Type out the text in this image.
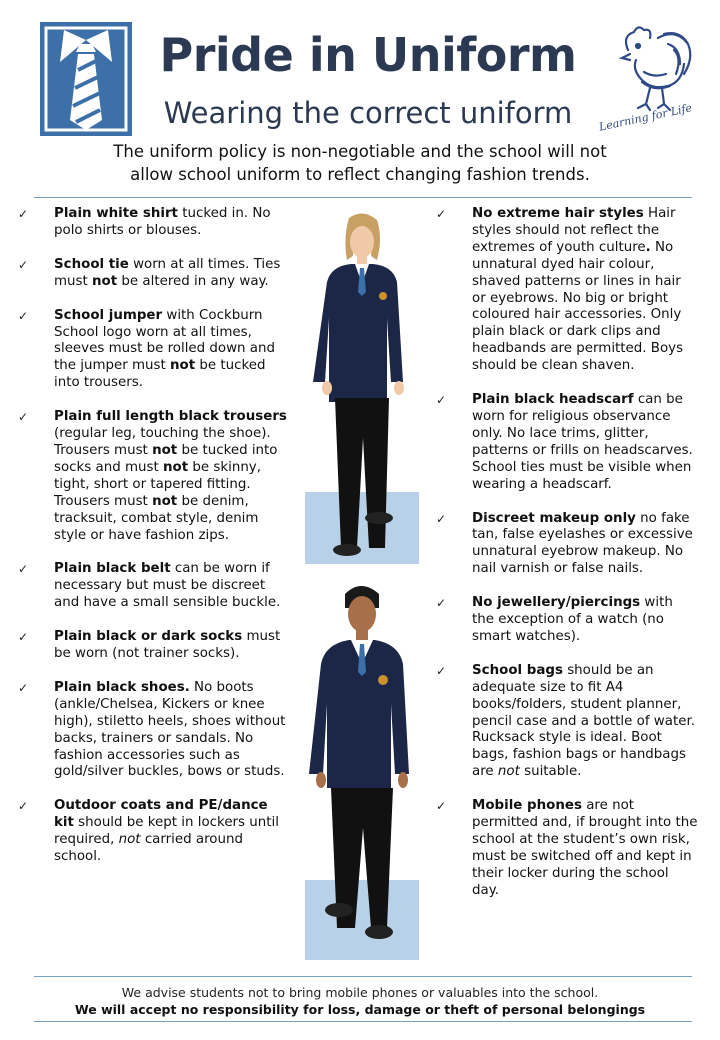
Pride in Uniform
Wearing the correct uniform	Learning for Life
The uniform policy is non-negotiable and the school will not
allow school uniform to reflect changing fashion trends.
✓	Plain white shirt tucked in. No polo shirts or blouses.
✓	School tie worn at all times. Ties must not be altered in any way.
✓	School jumper with Cockburn School logo worn at all times, sleeves must be rolled down and the jumper must not be tucked into trousers.
✓	Plain full length black trousers (regular leg, touching the shoe). Trousers must not be tucked into socks and must not be skinny, tight, short or tapered fitting. Trousers must not be denim, tracksuit, combat style, denim style or have fashion zips.
✓	Plain black belt can be worn if necessary but must be discreet and have a small sensible buckle.
✓	Plain black or dark socks must be worn (not trainer socks).
✓	Plain black shoes. No boots (ankle/Chelsea, Kickers or knee high), stiletto heels, shoes without backs, trainers or sandals. No fashion accessories such as gold/silver buckles, bows or studs.
✓	Outdoor coats and PE/dance kit should be kept in lockers until required, not carried around school.
✓	No extreme hair styles Hair styles should not reflect the extremes of youth culture. No unnatural dyed hair colour, shaved patterns or lines in hair or eyebrows. No big or bright coloured hair accessories. Only plain black or dark clips and headbands are permitted. Boys should be clean shaven.
✓	Plain black headscarf can be worn for religious observance only. No lace trims, glitter, patterns or frills on headscarves. School ties must be visible when wearing a headscarf.
✓	Discreet makeup only no fake tan, false eyelashes or excessive unnatural eyebrow makeup. No nail varnish or false nails.
✓	No jewellery/piercings with the exception of a watch (no smart watches).
✓	School bags should be an adequate size to fit A4 books/folders, student planner, pencil case and a bottle of water. Rucksack style is ideal. Boot bags, fashion bags or handbags are not suitable.
✓	Mobile phones are not permitted and, if brought into the school at the student’s own risk, must be switched off and kept in their locker during the school day.
We advise students not to bring mobile phones or valuables into the school.
We will accept no responsibility for loss, damage or theft of personal belongings
